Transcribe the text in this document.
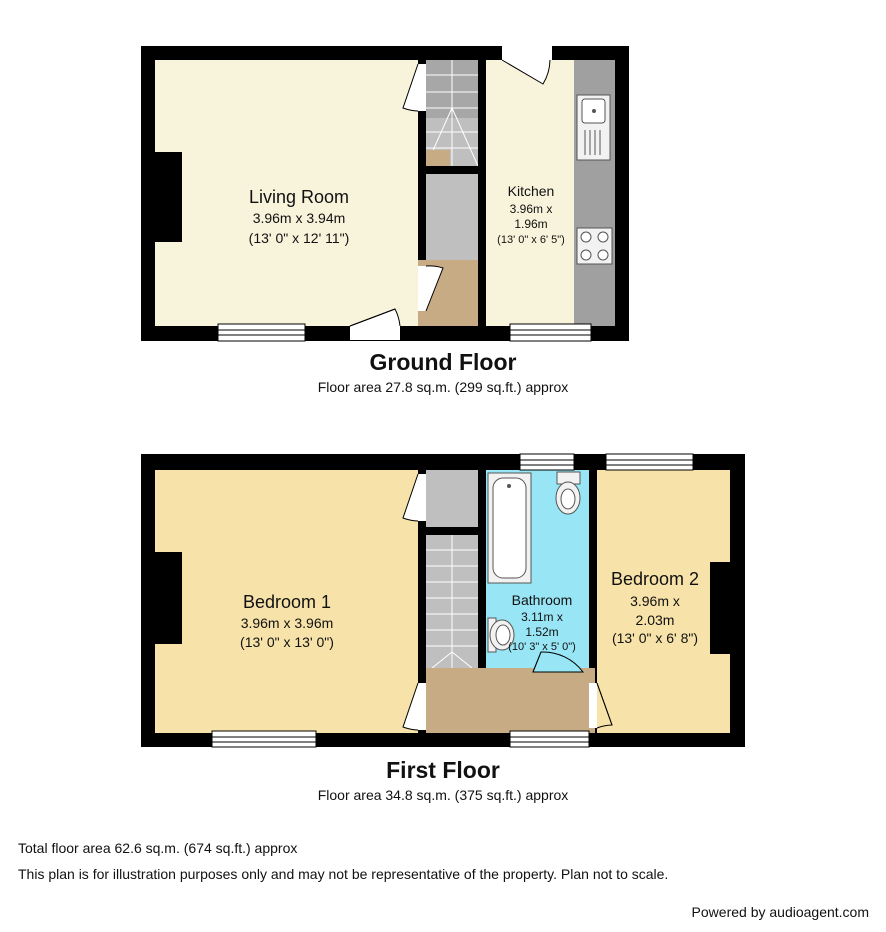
Living Room
3.96m x 3.94m
(13' 0" x 12' 11")
Kitchen
3.96m x
1.96m
(13' 0" x 6' 5")
Ground Floor
Floor area 27.8 sq.m. (299 sq.ft.) approx
Bedroom 1
3.96m x 3.96m
(13' 0" x 13' 0")
Bathroom
3.11m x
1.52m
(10' 3" x 5' 0")
Bedroom 2
3.96m x
2.03m
(13' 0" x 6' 8")
First Floor
Floor area 34.8 sq.m. (375 sq.ft.) approx
Total floor area 62.6 sq.m. (674 sq.ft.) approx
This plan is for illustration purposes only and may not be representative of the property. Plan not to scale.
Powered by audioagent.com
